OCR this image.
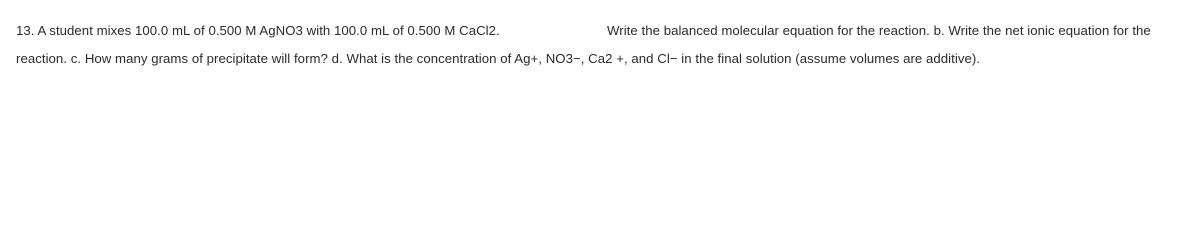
13. A student mixes 100.0 mL of 0.500 M AgNO3 with 100.0 mL of 0.500 M CaCl2.	Write the balanced molecular equation for the reaction. b. Write the net ionic equation for the
reaction. c. How many grams of precipitate will form? d. What is the concentration of Ag+, NO3−, Ca2 +, and Cl− in the final solution (assume volumes are additive).
